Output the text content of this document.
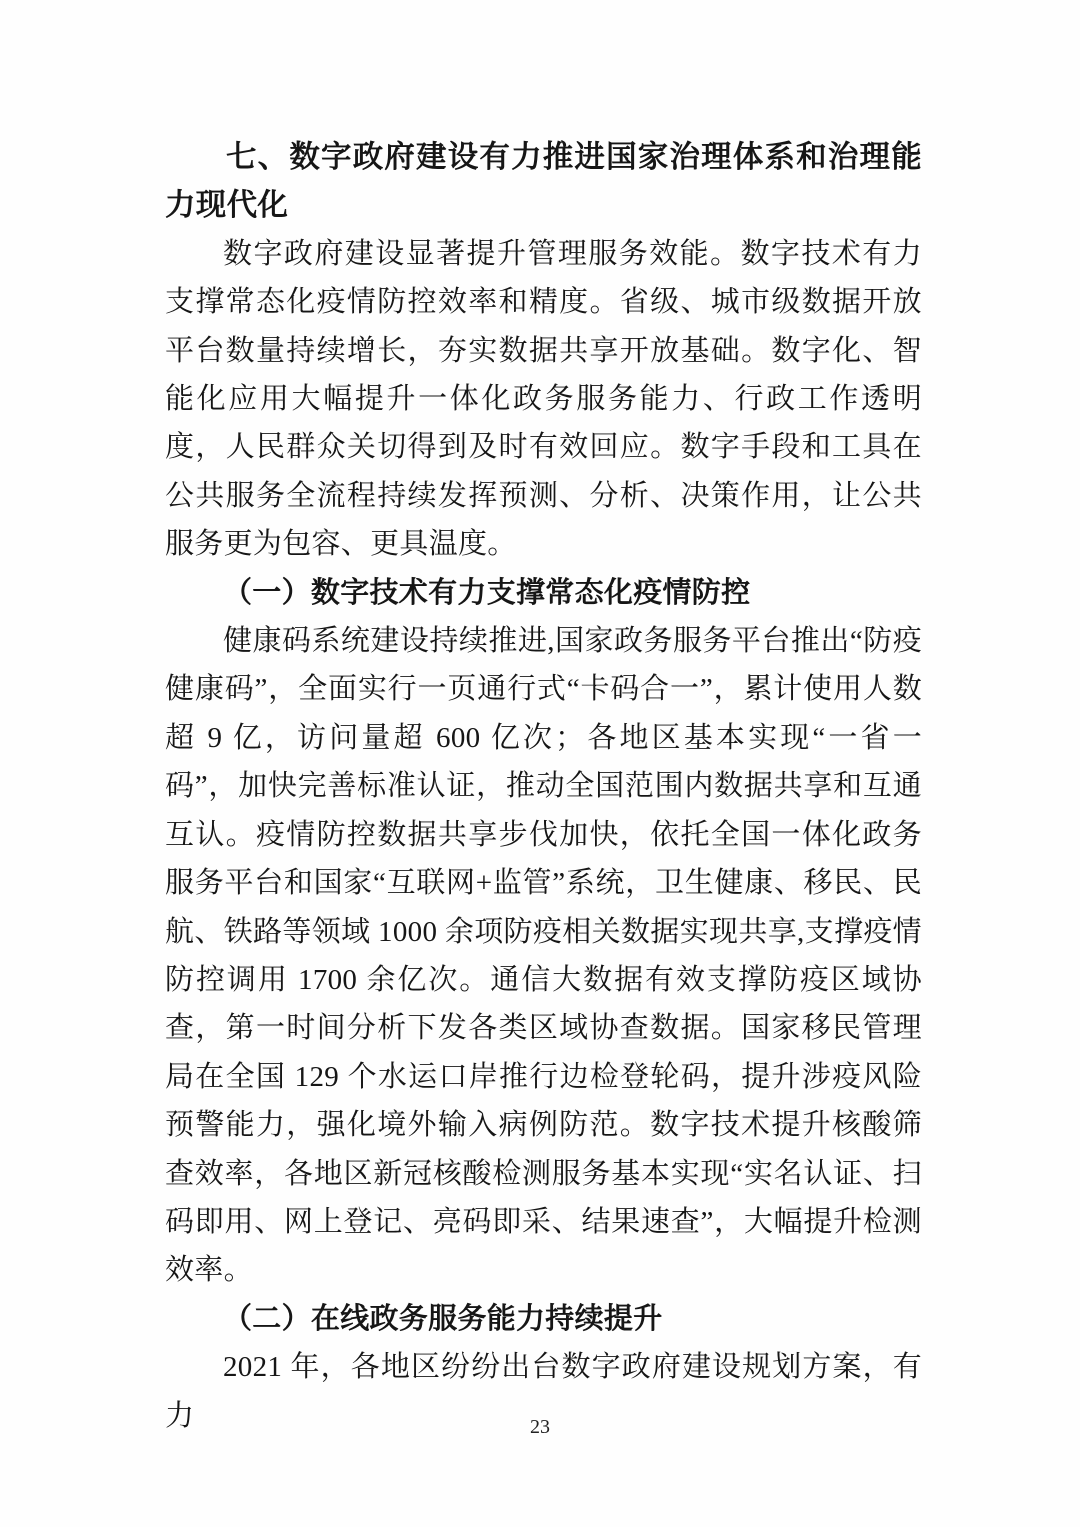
七、数字政府建设有力推进国家治理体系和治理能力现代化

数字政府建设显著提升管理服务效能。数字技术有力支撑常态化疫情防控效率和精度。省级、城市级数据开放平台数量持续增长，夯实数据共享开放基础。数字化、智能化应用大幅提升一体化政务服务能力、行政工作透明度，人民群众关切得到及时有效回应。数字手段和工具在公共服务全流程持续发挥预测、分析、决策作用，让公共服务更为包容、更具温度。

（一）数字技术有力支撑常态化疫情防控

健康码系统建设持续推进,国家政务服务平台推出“防疫健康码”，全面实行一页通行式“卡码合一”，累计使用人数超 9 亿，访问量超 600 亿次；各地区基本实现“一省一码”，加快完善标准认证，推动全国范围内数据共享和互通互认。疫情防控数据共享步伐加快，依托全国一体化政务服务平台和国家“互联网+监管”系统，卫生健康、移民、民航、铁路等领域 1000 余项防疫相关数据实现共享,支撑疫情防控调用 1700 余亿次。通信大数据有效支撑防疫区域协查，第一时间分析下发各类区域协查数据。国家移民管理局在全国 129 个水运口岸推行边检登轮码，提升涉疫风险预警能力，强化境外输入病例防范。数字技术提升核酸筛查效率，各地区新冠核酸检测服务基本实现“实名认证、扫码即用、网上登记、亮码即采、结果速查”，大幅提升检测效率。

（二）在线政务服务能力持续提升

2021 年，各地区纷纷出台数字政府建设规划方案，有力	23
